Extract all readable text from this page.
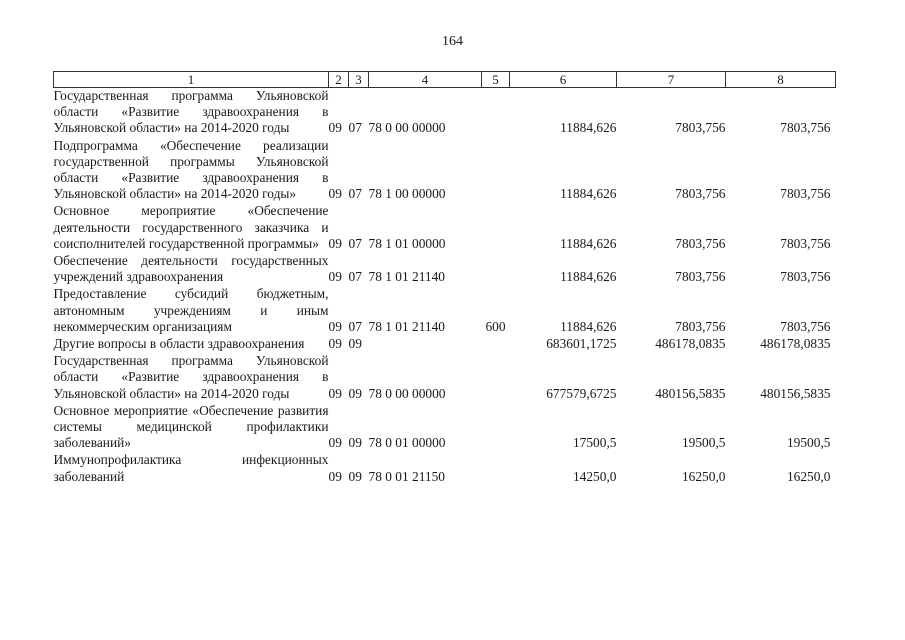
164
1	2	3	4	5	6	7	8
Государственная программа Ульяновской области «Развитие здравоохранения в Ульяновской области» на 2014-2020 годы	09	07	78 0 00 00000		11884,626	7803,756	7803,756
Подпрограмма «Обеспечение реализации государственной программы Ульяновской области «Развитие здравоохранения в Ульяновской области» на 2014-2020 годы»	09	07	78 1 00 00000		11884,626	7803,756	7803,756
Основное мероприятие «Обеспечение деятельности государственного заказчика и соисполнителей государственной программы»	09	07	78 1 01 00000		11884,626	7803,756	7803,756
Обеспечение деятельности государственных учреждений здравоохранения	09	07	78 1 01 21140		11884,626	7803,756	7803,756
Предоставление субсидий бюджетным, автономным учреждениям и иным некоммерческим организациям	09	07	78 1 01 21140	600	11884,626	7803,756	7803,756
Другие вопросы в области здравоохранения	09	09			683601,1725	486178,0835	486178,0835
Государственная программа Ульяновской области «Развитие здравоохранения в Ульяновской области» на 2014-2020 годы	09	09	78 0 00 00000		677579,6725	480156,5835	480156,5835
Основное мероприятие «Обеспечение развития системы медицинской профилактики заболеваний»	09	09	78 0 01 00000		17500,5	19500,5	19500,5
Иммунопрофилактика инфекционных заболеваний	09	09	78 0 01 21150		14250,0	16250,0	16250,0
